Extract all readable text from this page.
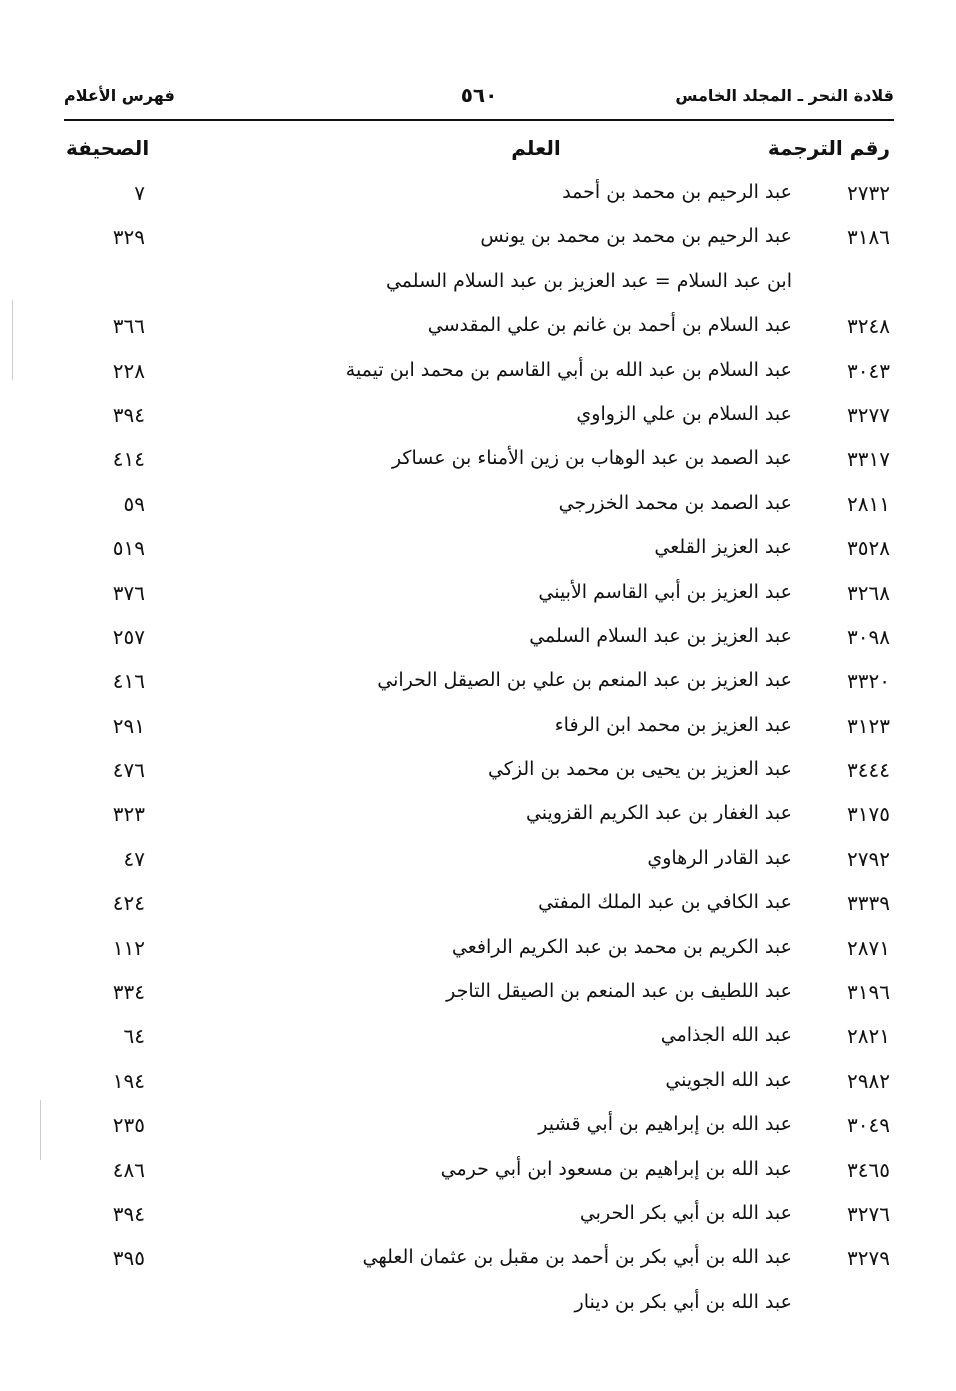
قلادة النحر ـ المجلد الخامس
٥٦٠
فهرس الأعلام
رقم الترجمة
العلم
الصحيفة
٢٧٣٢
عبد الرحيم بن محمد بن أحمد
٧
٣١٨٦
عبد الرحيم بن محمد بن محمد بن يونس
٣٢٩
ابن عبد السلام = عبد العزيز بن عبد السلام السلمي
٣٢٤٨
عبد السلام بن أحمد بن غانم بن علي المقدسي
٣٦٦
٣٠٤٣
عبد السلام بن عبد الله بن أبي القاسم بن محمد ابن تيمية
٢٢٨
٣٢٧٧
عبد السلام بن علي الزواوي
٣٩٤
٣٣١٧
عبد الصمد بن عبد الوهاب بن زين الأمناء بن عساكر
٤١٤
٢٨١١
عبد الصمد بن محمد الخزرجي
٥٩
٣٥٢٨
عبد العزيز القلعي
٥١٩
٣٢٦٨
عبد العزيز بن أبي القاسم الأبيني
٣٧٦
٣٠٩٨
عبد العزيز بن عبد السلام السلمي
٢٥٧
٣٣٢٠
عبد العزيز بن عبد المنعم بن علي بن الصيقل الحراني
٤١٦
٣١٢٣
عبد العزيز بن محمد ابن الرفاء
٢٩١
٣٤٤٤
عبد العزيز بن يحيى بن محمد بن الزكي
٤٧٦
٣١٧٥
عبد الغفار بن عبد الكريم القزويني
٣٢٣
٢٧٩٢
عبد القادر الرهاوي
٤٧
٣٣٣٩
عبد الكافي بن عبد الملك المفتي
٤٢٤
٢٨٧١
عبد الكريم بن محمد بن عبد الكريم الرافعي
١١٢
٣١٩٦
عبد اللطيف بن عبد المنعم بن الصيقل التاجر
٣٣٤
٢٨٢١
عبد الله الجذامي
٦٤
٢٩٨٢
عبد الله الجويني
١٩٤
٣٠٤٩
عبد الله بن إبراهيم بن أبي قشير
٢٣٥
٣٤٦٥
عبد الله بن إبراهيم بن مسعود ابن أبي حرمي
٤٨٦
٣٢٧٦
عبد الله بن أبي بكر الحربي
٣٩٤
٣٢٧٩
عبد الله بن أبي بكر بن أحمد بن مقبل بن عثمان العلهي
٣٩٥
عبد الله بن أبي بكر بن دينار
